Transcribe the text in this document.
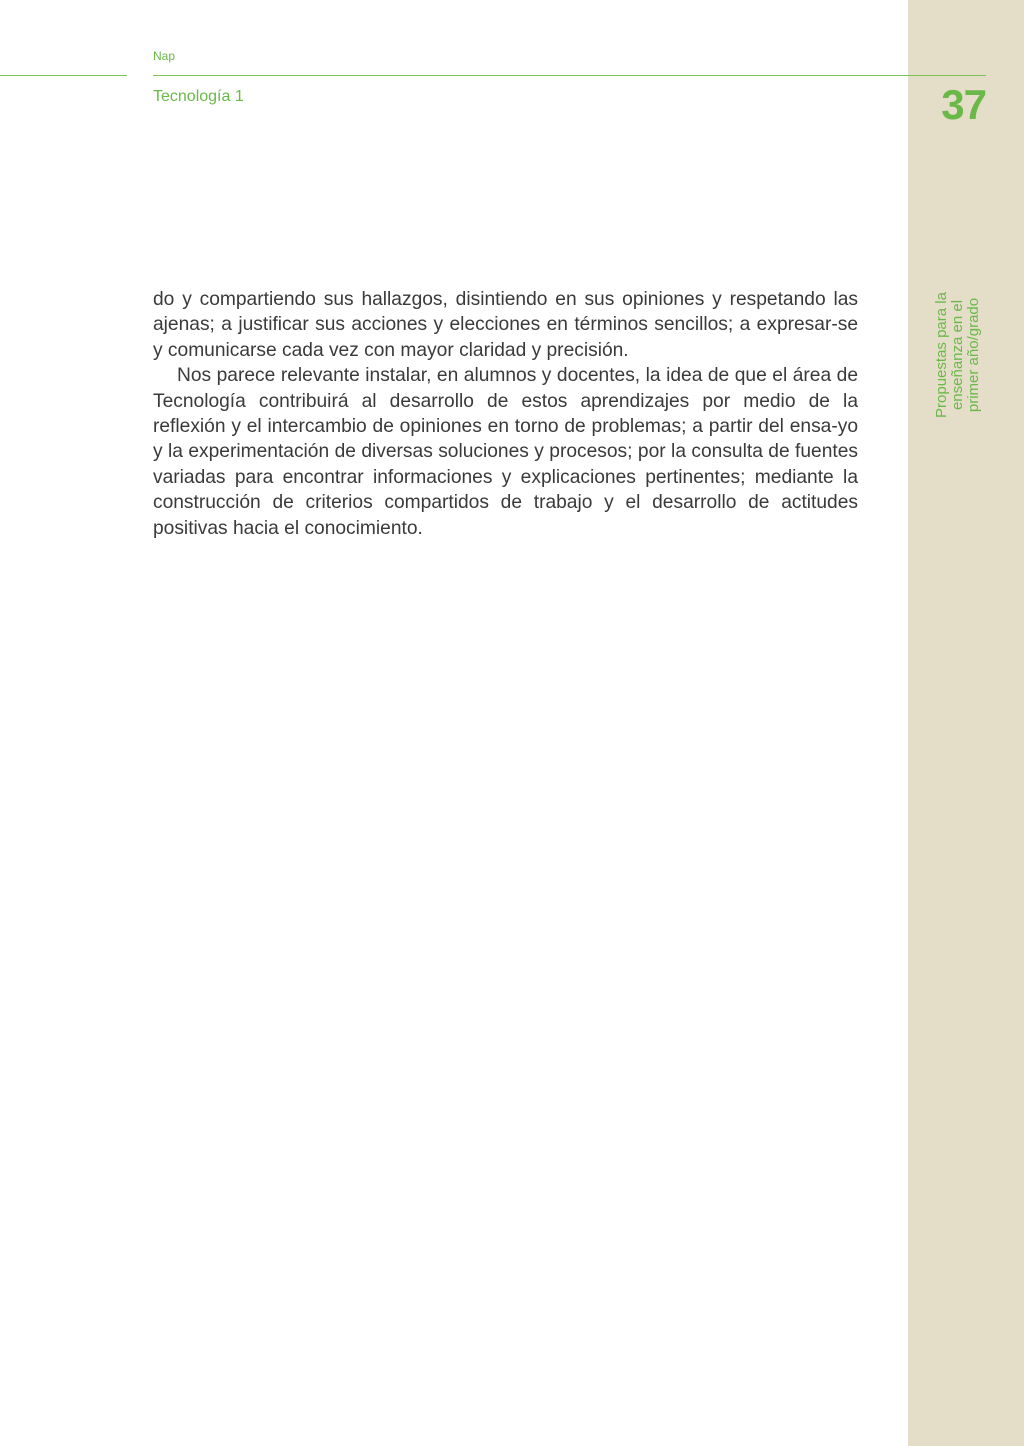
Nap
Tecnología 1	37
Propuestas para la enseñanza en el primer año/grado

do y compartiendo sus hallazgos, disintiendo en sus opiniones y respetando las ajenas; a justificar sus acciones y elecciones en términos sencillos; a expresar-se y comunicarse cada vez con mayor claridad y precisión.

Nos parece relevante instalar, en alumnos y docentes, la idea de que el área de Tecnología contribuirá al desarrollo de estos aprendizajes por medio de la reflexión y el intercambio de opiniones en torno de problemas; a partir del ensa-yo y la experimentación de diversas soluciones y procesos; por la consulta de fuentes variadas para encontrar informaciones y explicaciones pertinentes; mediante la construcción de criterios compartidos de trabajo y el desarrollo de actitudes positivas hacia el conocimiento.
